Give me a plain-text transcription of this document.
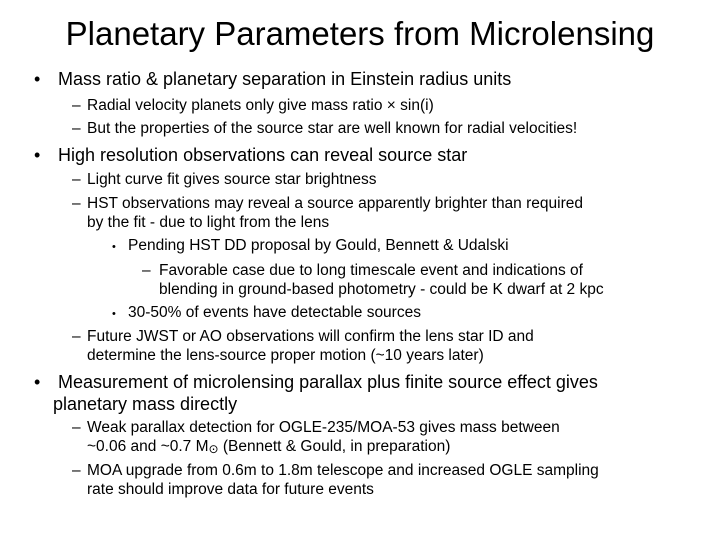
Planetary Parameters from Microlensing
• Mass ratio & planetary separation in Einstein radius units
– Radial velocity planets only give mass ratio × sin(i)
– But the properties of the source star are well known for radial velocities!
• High resolution observations can reveal source star
– Light curve fit gives source star brightness
– HST observations may reveal a source apparently brighter than required
by the fit - due to light from the lens
• Pending HST DD proposal by Gould, Bennett & Udalski
– Favorable case due to long timescale event and indications of
blending in ground-based photometry - could be K dwarf at 2 kpc
• 30-50% of events have detectable sources
– Future JWST or AO observations will confirm the lens star ID and
determine the lens-source proper motion (~10 years later)
• Measurement of microlensing parallax plus finite source effect gives
planetary mass directly
– Weak parallax detection for OGLE-235/MOA-53 gives mass between
~0.06 and ~0.7 M⊙ (Bennett & Gould, in preparation)
– MOA upgrade from 0.6m to 1.8m telescope and increased OGLE sampling
rate should improve data for future events
